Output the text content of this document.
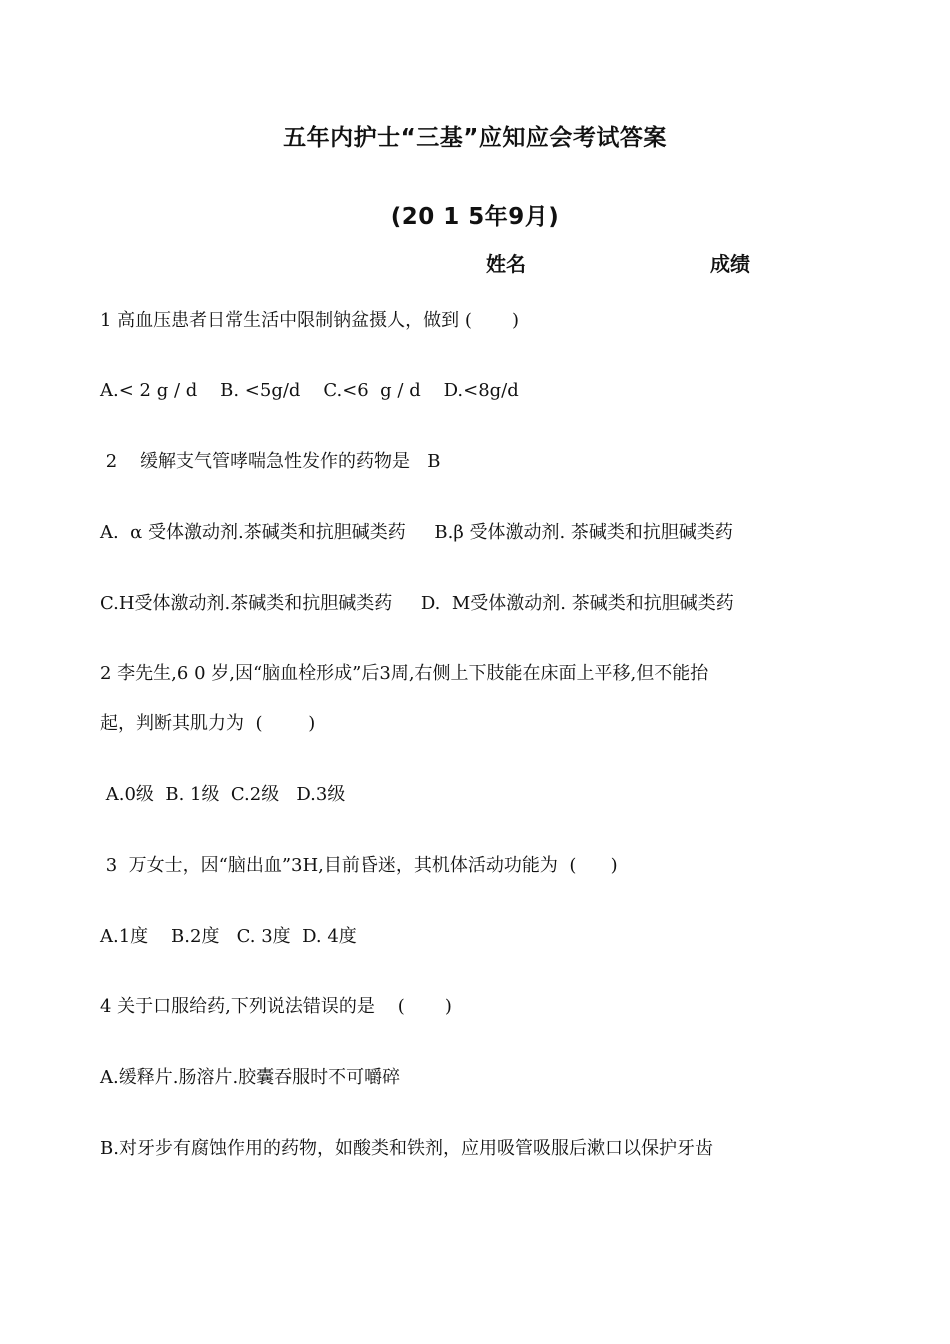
五年内护士“三基”应知应会考试答案
(20 1 5年9月)
姓名	成绩
1 高血压患者日常生活中限制钠盆摄人，做到 (       )
A.< 2 g / d    B. <5g/d    C.<6  g / d    D.<8g/d
2    缓解支气管哮喘急性发作的药物是   B
A.  α 受体激动剂.茶碱类和抗胆碱类药     B.β 受体激动剂. 茶碱类和抗胆碱类药
C.H受体激动剂.茶碱类和抗胆碱类药     D.  M受体激动剂. 茶碱类和抗胆碱类药
2 李先生,6 0 岁,因“脑血栓形成”后3周,右侧上下肢能在床面上平移,但不能抬
起，判断其肌力为  (        )
A.0级  B. 1级  C.2级   D.3级
3  万女士，因“脑出血”3H,目前昏迷，其机体活动功能为  (      )
A.1度    B.2度   C. 3度  D. 4度
4 关于口服给药,下列说法错误的是    (       )
A.缓释片.肠溶片.胶囊吞服时不可嚼碎
B.对牙步有腐蚀作用的药物，如酸类和铁剂，应用吸管吸服后漱口以保护牙齿
